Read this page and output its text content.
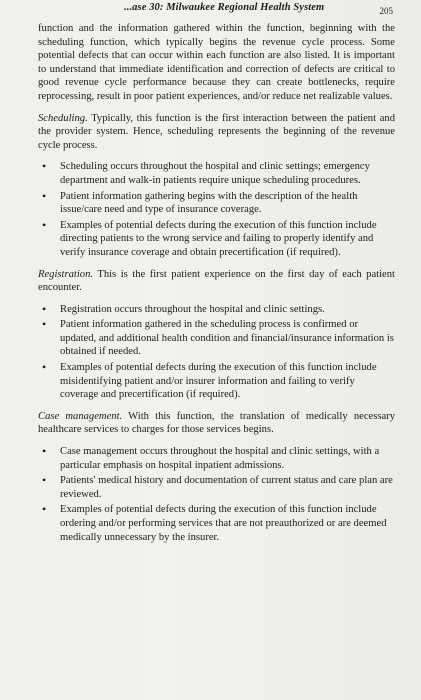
...ase 30: Milwaukee Regional Health System	205

function and the information gathered within the function, beginning with the scheduling function, which typically begins the revenue cycle process. Some potential defects that can occur within each function are also listed. It is important to understand that immediate identification and correction of defects are critical to good revenue cycle performance because they can create bottlenecks, require reprocessing, result in poor patient experiences, and/or reduce net realizable values.

Scheduling. Typically, this function is the first interaction between the patient and the provider system. Hence, scheduling represents the beginning of the revenue cycle process.

• Scheduling occurs throughout the hospital and clinic settings; emergency department and walk-in patients require unique scheduling procedures.
• Patient information gathering begins with the description of the health issue/care need and type of insurance coverage.
• Examples of potential defects during the execution of this function include directing patients to the wrong service and failing to properly identify and verify insurance coverage and obtain precertification (if required).

Registration. This is the first patient experience on the first day of each patient encounter.

• Registration occurs throughout the hospital and clinic settings.
• Patient information gathered in the scheduling process is confirmed or updated, and additional health condition and financial/insurance information is obtained if needed.
• Examples of potential defects during the execution of this function include misidentifying patient and/or insurer information and failing to verify coverage and precertification (if required).

Case management. With this function, the translation of medically necessary healthcare services to charges for those services begins.

• Case management occurs throughout the hospital and clinic settings, with a particular emphasis on hospital inpatient admissions.
• Patients' medical history and documentation of current status and care plan are reviewed.
• Examples of potential defects during the execution of this function include ordering and/or performing services that are not preauthorized or are deemed medically unnecessary by the insurer.
